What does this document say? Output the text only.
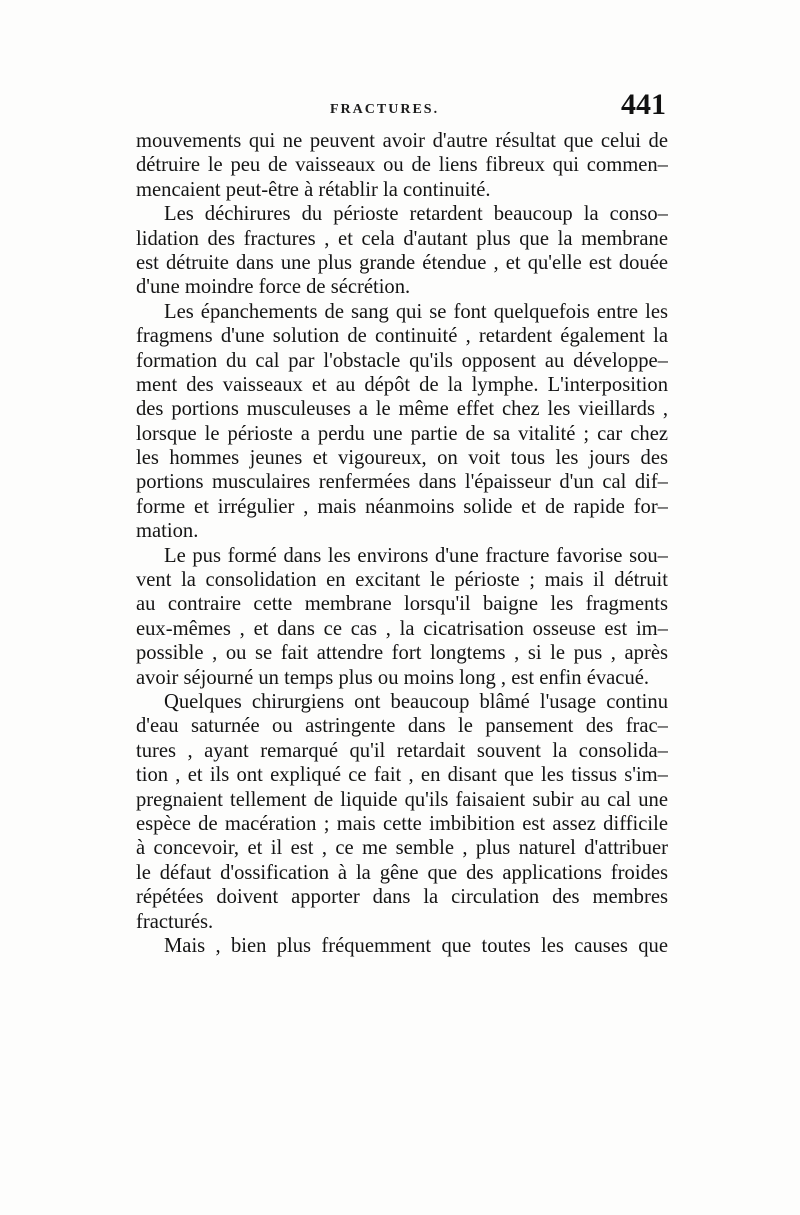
FRACTURES.	441
mouvements qui ne peuvent avoir d'autre résultat que celui de
détruire le peu de vaisseaux ou de liens fibreux qui commen–
mencaient peut-être à rétablir la continuité.
Les déchirures du périoste retardent beaucoup la conso–
lidation des fractures , et cela d'autant plus que la membrane
est détruite dans une plus grande étendue , et qu'elle est douée
d'une moindre force de sécrétion.
Les épanchements de sang qui se font quelquefois entre les
fragmens d'une solution de continuité , retardent également la
formation du cal par l'obstacle qu'ils opposent au développe–
ment des vaisseaux et au dépôt de la lymphe. L'interposition
des portions musculeuses a le même effet chez les vieillards ,
lorsque le périoste a perdu une partie de sa vitalité ; car chez
les hommes jeunes et vigoureux, on voit tous les jours des
portions musculaires renfermées dans l'épaisseur d'un cal dif–
forme et irrégulier , mais néanmoins solide et de rapide for–
mation.
Le pus formé dans les environs d'une fracture favorise sou–
vent la consolidation en excitant le périoste ; mais il détruit
au contraire cette membrane lorsqu'il baigne les fragments
eux-mêmes , et dans ce cas , la cicatrisation osseuse est im–
possible , ou se fait attendre fort longtems , si le pus , après
avoir séjourné un temps plus ou moins long , est enfin évacué.
Quelques chirurgiens ont beaucoup blâmé l'usage continu
d'eau saturnée ou astringente dans le pansement des frac–
tures , ayant remarqué qu'il retardait souvent la consolida–
tion , et ils ont expliqué ce fait , en disant que les tissus s'im–
pregnaient tellement de liquide qu'ils faisaient subir au cal une
espèce de macération ; mais cette imbibition est assez difficile
à concevoir, et il est , ce me semble , plus naturel d'attribuer
le défaut d'ossification à la gêne que des applications froides
répétées doivent apporter dans la circulation des membres
fracturés.
Mais , bien plus fréquemment que toutes les causes que
